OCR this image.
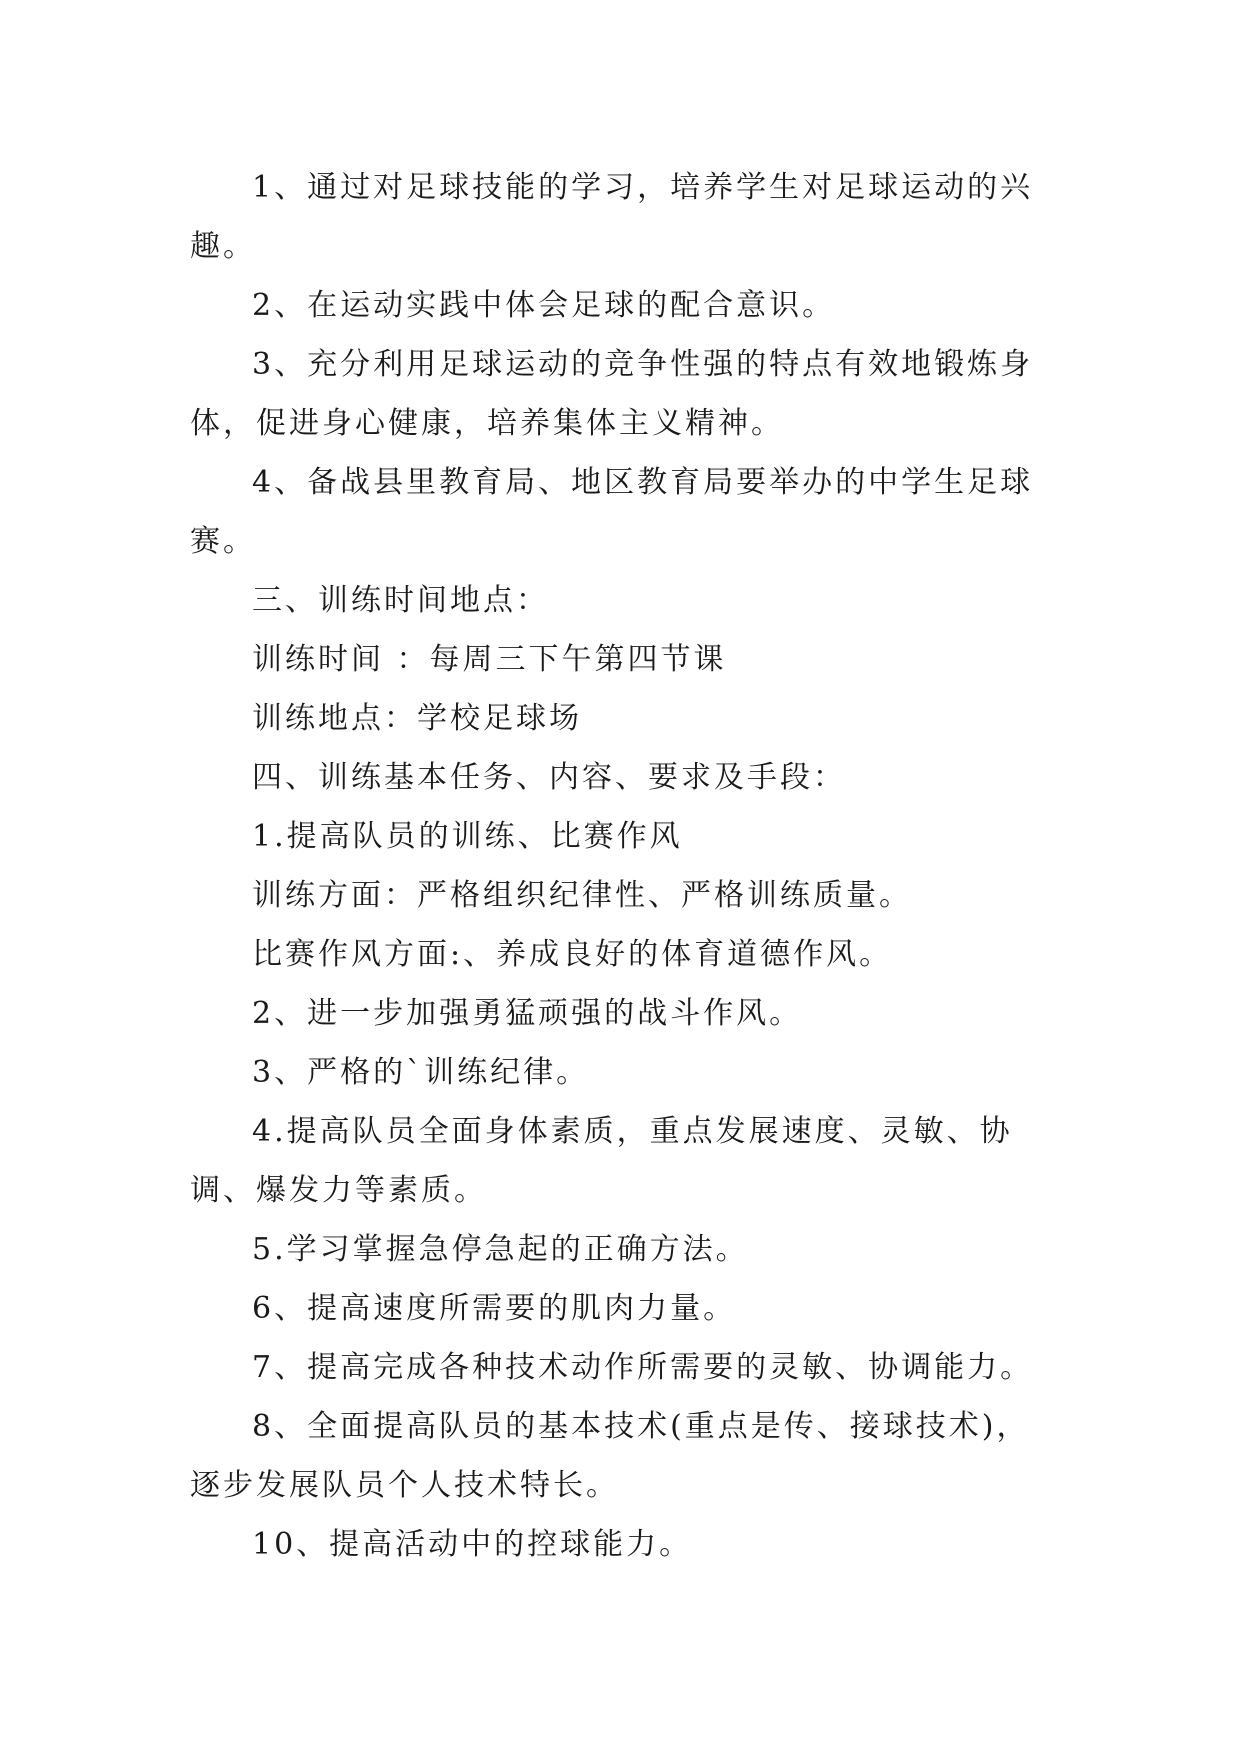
1、通过对足球技能的学习，培养学生对足球运动的兴趣。

2、在运动实践中体会足球的配合意识。

3、充分利用足球运动的竞争性强的特点有效地锻炼身体，促进身心健康，培养集体主义精神。

4、备战县里教育局、地区教育局要举办的中学生足球赛。

三、训练时间地点：

训练时间 ：每周三下午第四节课

训练地点：学校足球场

四、训练基本任务、内容、要求及手段：

1.提高队员的训练、比赛作风

训练方面：严格组织纪律性、严格训练质量。

比赛作风方面:、养成良好的体育道德作风。

2、进一步加强勇猛顽强的战斗作风。

3、严格的`训练纪律。

4.提高队员全面身体素质，重点发展速度、灵敏、协调、爆发力等素质。

5.学习掌握急停急起的正确方法。

6、提高速度所需要的肌肉力量。

7、提高完成各种技术动作所需要的灵敏、协调能力。

8、全面提高队员的基本技术(重点是传、接球技术)，逐步发展队员个人技术特长。

10、提高活动中的控球能力。
